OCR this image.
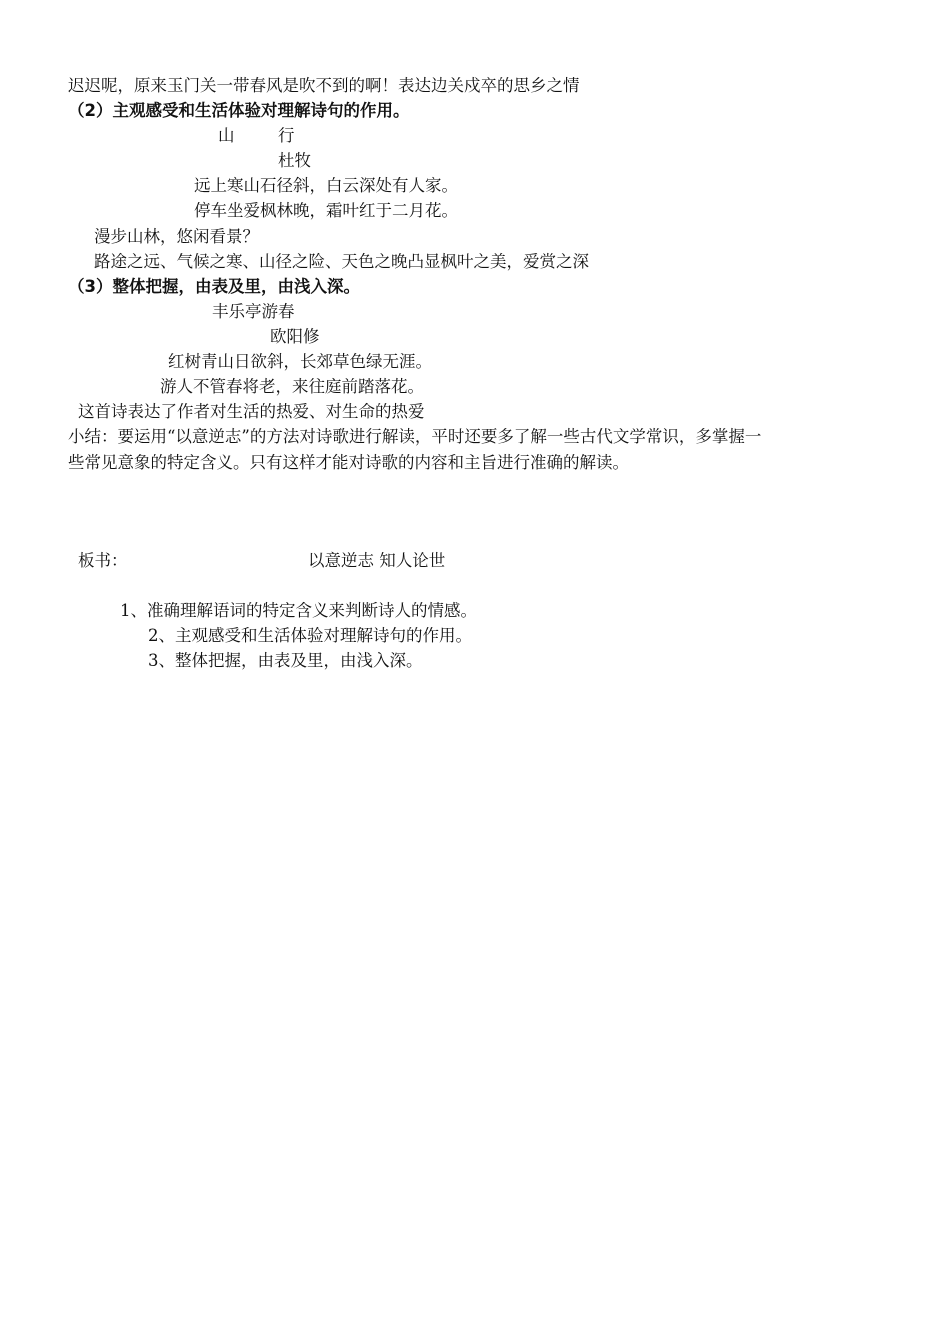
迟迟呢，原来玉门关一带春风是吹不到的啊！表达边关戍卒的思乡之情
（2）主观感受和生活体验对理解诗句的作用。
山	行
杜牧
远上寒山石径斜，白云深处有人家。
停车坐爱枫林晚，霜叶红于二月花。
漫步山林，悠闲看景？
路途之远、气候之寒、山径之险、天色之晚凸显枫叶之美，爱赏之深
（3）整体把握，由表及里，由浅入深。
丰乐亭游春
欧阳修
红树青山日欲斜，长郊草色绿无涯。
游人不管春将老，来往庭前踏落花。
这首诗表达了作者对生活的热爱、对生命的热爱
小结：要运用“以意逆志”的方法对诗歌进行解读，平时还要多了解一些古代文学常识，多掌握一
些常见意象的特定含义。只有这样才能对诗歌的内容和主旨进行准确的解读。
板书：	以意逆志 知人论世
1、准确理解语词的特定含义来判断诗人的情感。
2、主观感受和生活体验对理解诗句的作用。
3、整体把握，由表及里，由浅入深。
